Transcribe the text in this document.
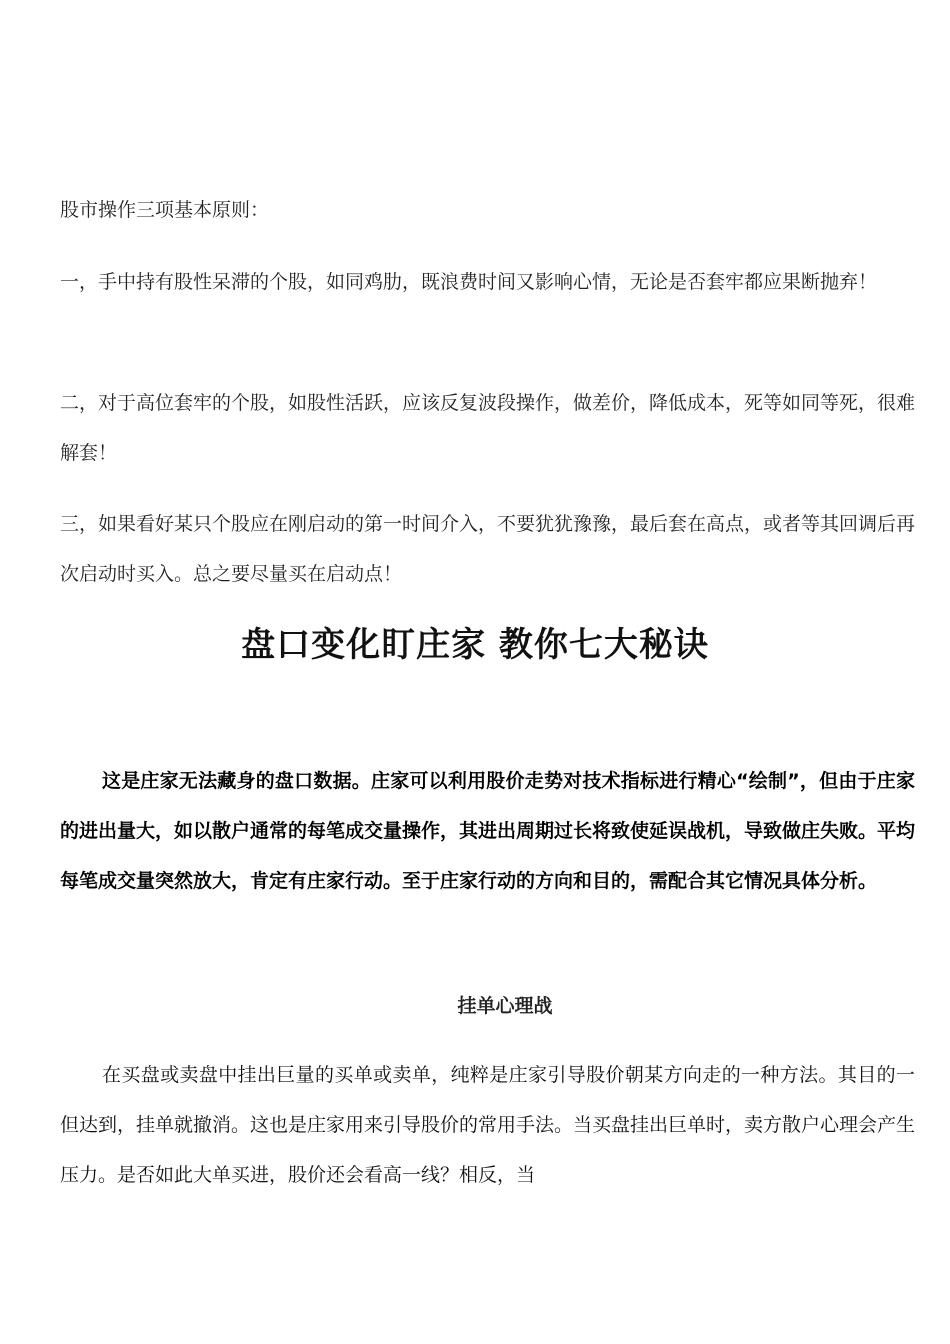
股市操作三项基本原则：

一，手中持有股性呆滞的个股，如同鸡肋，既浪费时间又影响心情，无论是否套牢都应果断抛弃！

二，对于高位套牢的个股，如股性活跃，应该反复波段操作，做差价，降低成本，死等如同等死，很难解套！

三，如果看好某只个股应在刚启动的第一时间介入，不要犹犹豫豫，最后套在高点，或者等其回调后再次启动时买入。总之要尽量买在启动点！

盘口变化盯庄家 教你七大秘诀

这是庄家无法藏身的盘口数据。庄家可以利用股价走势对技术指标进行精心“绘制”，但由于庄家的进出量大，如以散户通常的每笔成交量操作，其进出周期过长将致使延误战机，导致做庄失败。平均每笔成交量突然放大，肯定有庄家行动。至于庄家行动的方向和目的，需配合其它情况具体分析。

挂单心理战

在买盘或卖盘中挂出巨量的买单或卖单，纯粹是庄家引导股价朝某方向走的一种方法。其目的一但达到，挂单就撤消。这也是庄家用来引导股价的常用手法。当买盘挂出巨单时，卖方散户心理会产生压力。是否如此大单买进，股价还会看高一线？相反，当
